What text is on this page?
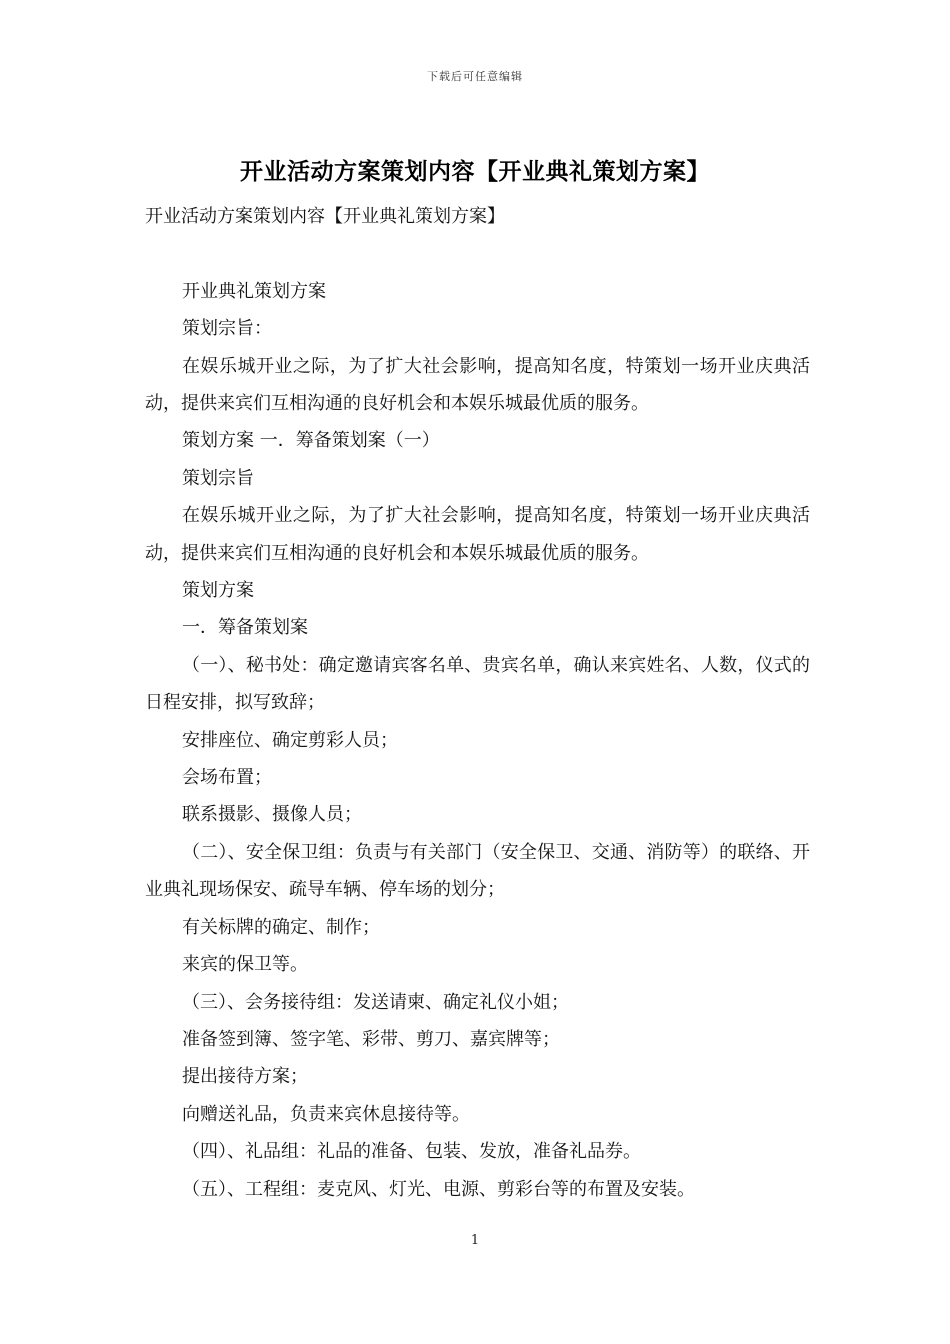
下载后可任意编辑
开业活动方案策划内容【开业典礼策划方案】

开业活动方案策划内容【开业典礼策划方案】

开业典礼策划方案

策划宗旨：

在娱乐城开业之际，为了扩大社会影响，提高知名度，特策划一场开业庆典活动，提供来宾们互相沟通的良好机会和本娱乐城最优质的服务。

策划方案 一．筹备策划案（一）

策划宗旨

在娱乐城开业之际，为了扩大社会影响，提高知名度，特策划一场开业庆典活动，提供来宾们互相沟通的良好机会和本娱乐城最优质的服务。

策划方案

一．筹备策划案

（一）、秘书处：确定邀请宾客名单、贵宾名单，确认来宾姓名、人数，仪式的日程安排，拟写致辞；

安排座位、确定剪彩人员；

会场布置；

联系摄影、摄像人员；

（二）、安全保卫组：负责与有关部门（安全保卫、交通、消防等）的联络、开业典礼现场保安、疏导车辆、停车场的划分；

有关标牌的确定、制作；

来宾的保卫等。

（三）、会务接待组：发送请柬、确定礼仪小姐；

准备签到簿、签字笔、彩带、剪刀、嘉宾牌等；

提出接待方案；

向赠送礼品，负责来宾休息接待等。

（四）、礼品组：礼品的准备、包装、发放，准备礼品券。

（五）、工程组：麦克风、灯光、电源、剪彩台等的布置及安装。

1
